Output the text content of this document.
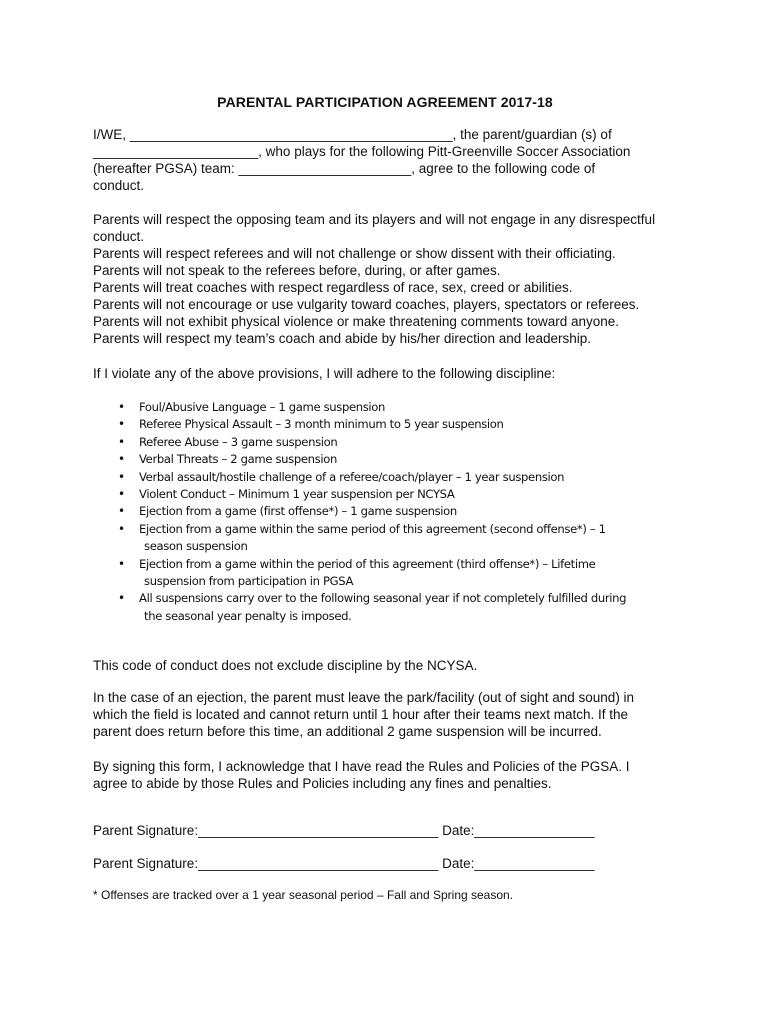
PARENTAL PARTICIPATION AGREEMENT 2017-18
I/WE, ___________________________________________, the parent/guardian (s) of
______________________, who plays for the following Pitt-Greenville Soccer Association
(hereafter PGSA) team: _______________________, agree to the following code of
conduct.
Parents will respect the opposing team and its players and will not engage in any disrespectful
conduct.
Parents will respect referees and will not challenge or show dissent with their officiating.
Parents will not speak to the referees before, during, or after games.
Parents will treat coaches with respect regardless of race, sex, creed or abilities.
Parents will not encourage or use vulgarity toward coaches, players, spectators or referees.
Parents will not exhibit physical violence or make threatening comments toward anyone.
Parents will respect my team’s coach and abide by his/her direction and leadership.
If I violate any of the above provisions, I will adhere to the following discipline:
• Foul/Abusive Language – 1 game suspension
• Referee Physical Assault – 3 month minimum to 5 year suspension
• Referee Abuse – 3 game suspension
• Verbal Threats – 2 game suspension
• Verbal assault/hostile challenge of a referee/coach/player – 1 year suspension
• Violent Conduct – Minimum 1 year suspension per NCYSA
• Ejection from a game (first offense*) – 1 game suspension
• Ejection from a game within the same period of this agreement (second offense*) – 1
season suspension
• Ejection from a game within the period of this agreement (third offense*) – Lifetime
suspension from participation in PGSA
• All suspensions carry over to the following seasonal year if not completely fulfilled during
the seasonal year penalty is imposed.
This code of conduct does not exclude discipline by the NCYSA.
In the case of an ejection, the parent must leave the park/facility (out of sight and sound) in
which the field is located and cannot return until 1 hour after their teams next match. If the
parent does return before this time, an additional 2 game suspension will be incurred.
By signing this form, I acknowledge that I have read the Rules and Policies of the PGSA. I
agree to abide by those Rules and Policies including any fines and penalties.
Parent Signature:________________________________ Date:________________
Parent Signature:________________________________ Date:________________
* Offenses are tracked over a 1 year seasonal period – Fall and Spring season.
